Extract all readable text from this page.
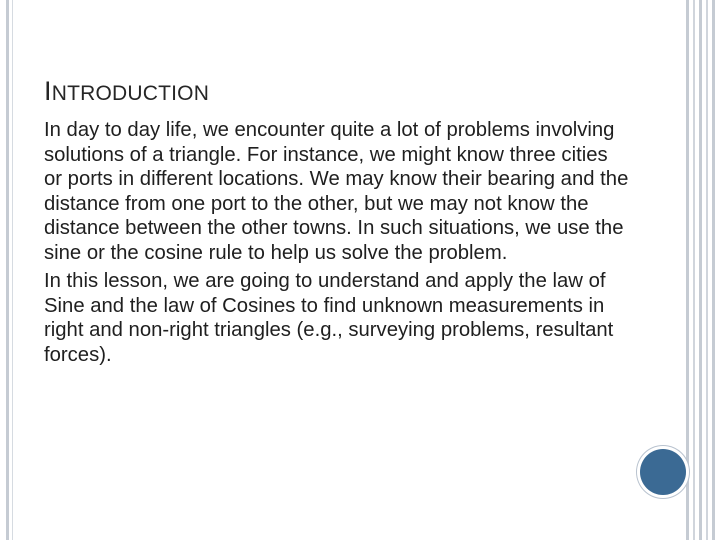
INTRODUCTION

In day to day life, we encounter quite a lot of problems involving solutions of a triangle. For instance, we might know three cities or ports in different locations. We may know their bearing and the distance from one port to the other, but we may not know the distance between the other towns. In such situations, we use the sine or the cosine rule to help us solve the problem.

In this lesson, we are going to understand and apply the law of Sine and the law of Cosines to find unknown measurements in right and non-right triangles (e.g., surveying problems, resultant forces).
